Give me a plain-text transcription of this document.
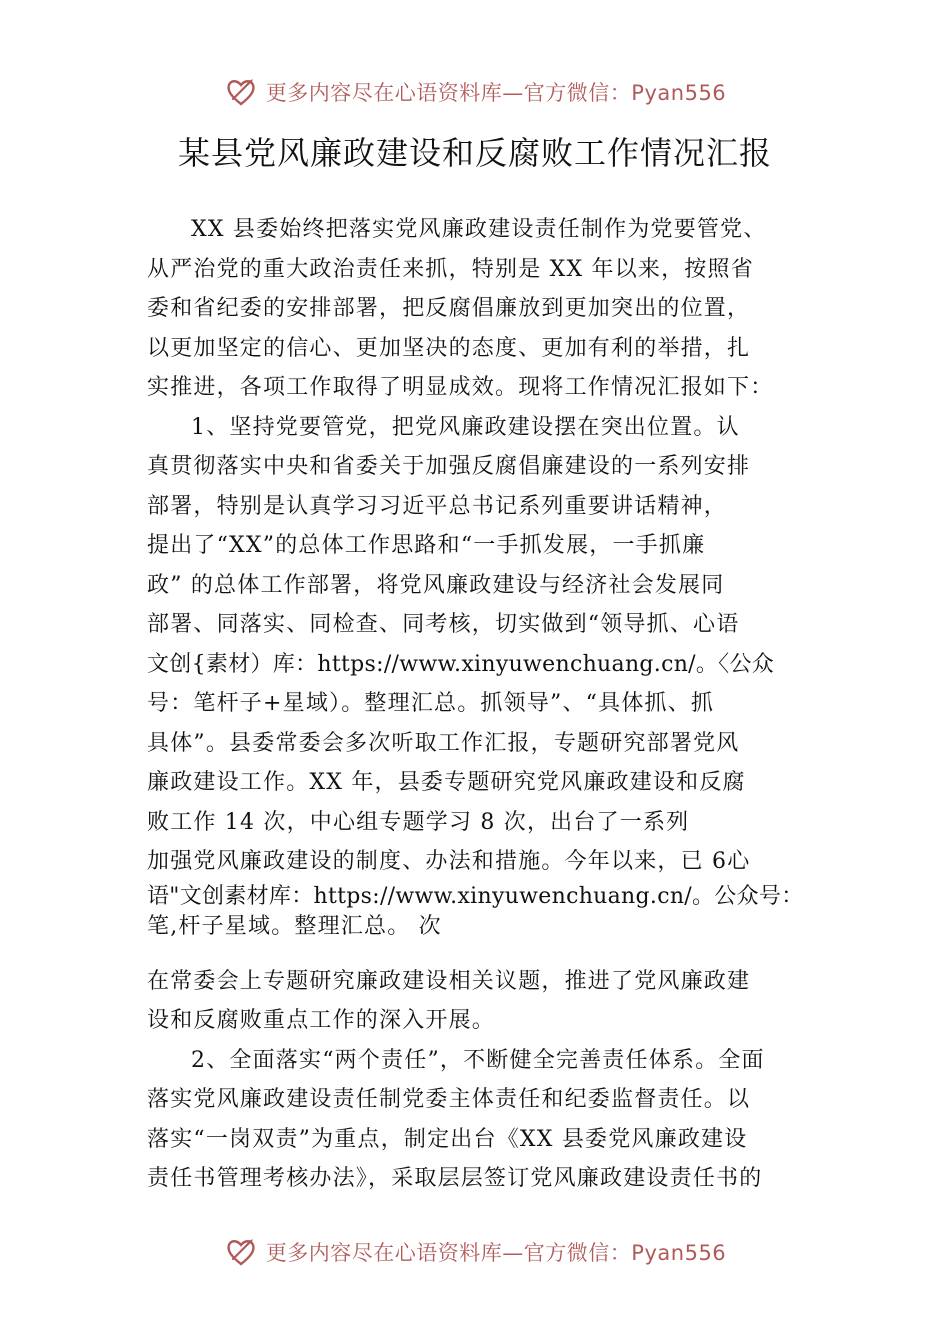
更多内容尽在心语资料库—官方微信：Pyan556
某县党风廉政建设和反腐败工作情况汇报
XX 县委始终把落实党风廉政建设责任制作为党要管党、
从严治党的重大政治责任来抓，特别是 XX 年以来，按照省
委和省纪委的安排部署，把反腐倡廉放到更加突出的位置，
以更加坚定的信心、更加坚决的态度、更加有利的举措，扎
实推进，各项工作取得了明显成效。现将工作情况汇报如下：
1、坚持党要管党，把党风廉政建设摆在突出位置。认
真贯彻落实中央和省委关于加强反腐倡廉建设的一系列安排
部署，特别是认真学习习近平总书记系列重要讲话精神，
提出了“XX”的总体工作思路和“一手抓发展，一手抓廉
政” 的总体工作部署，将党风廉政建设与经济社会发展同
部署、同落实、同检查、同考核，切实做到“领导抓、心语
文创{素材）库：https://www.xinyuwenchuang.cn/。〈公众
号：笔杆子+星域）。整理汇总。抓领导”、“具体抓、抓
具体”。县委常委会多次听取工作汇报，专题研究部署党风
廉政建设工作。XX 年，县委专题研究党风廉政建设和反腐
败工作 14 次，中心组专题学习 8 次，出台了一系列
加强党风廉政建设的制度、办法和措施。今年以来，已 6心
语"文创素材库：https://www.xinyuwenchuang.cn/。公众号：
笔,杆子星域。整理汇总。 次
在常委会上专题研究廉政建设相关议题，推进了党风廉政建
设和反腐败重点工作的深入开展。
2、全面落实“两个责任”，不断健全完善责任体系。全面
落实党风廉政建设责任制党委主体责任和纪委监督责任。以
落实“一岗双责”为重点，制定出台《XX 县委党风廉政建设
责任书管理考核办法》，采取层层签订党风廉政建设责任书的
更多内容尽在心语资料库—官方微信：Pyan556
